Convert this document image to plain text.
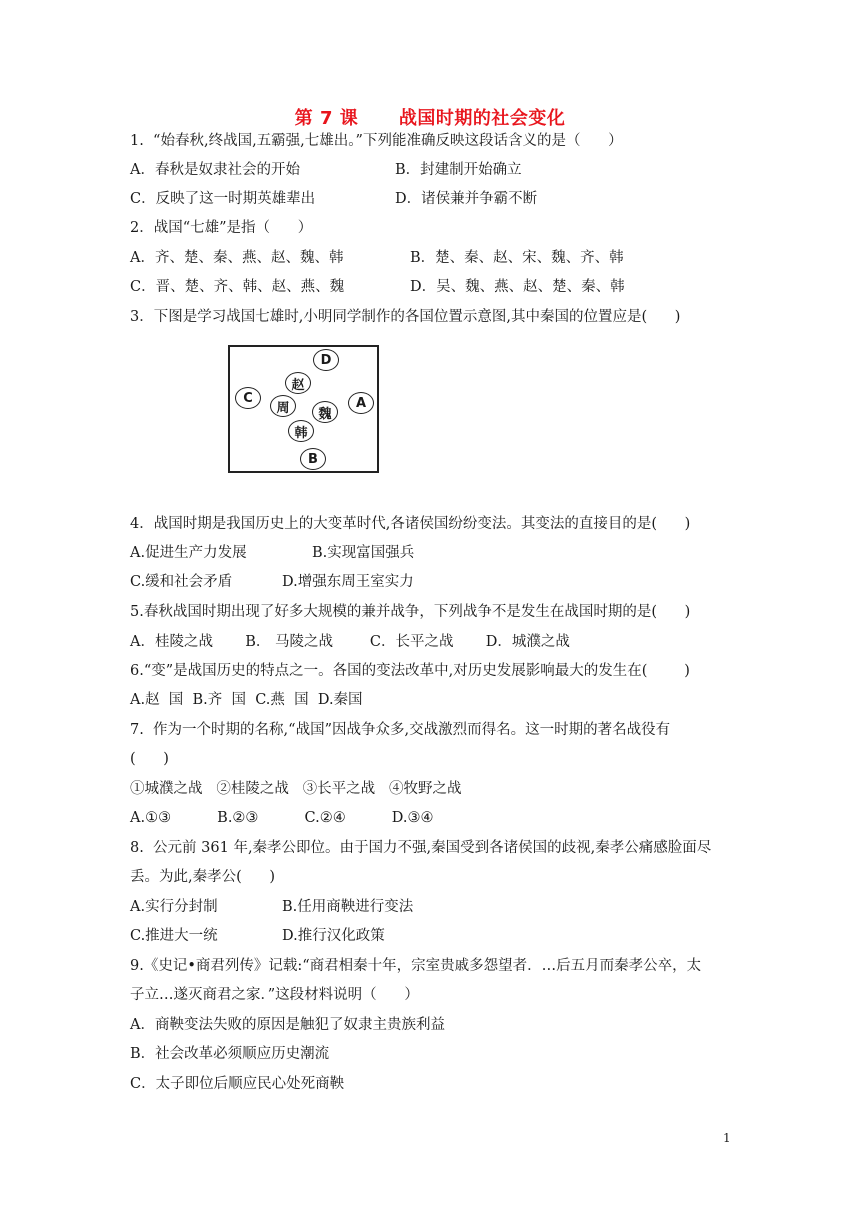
第 7 课      战国时期的社会变化
1.  “始春秋,终战国,五霸强,七雄出。”下列能准确反映这段话含义的是（      ）
A．春秋是奴隶社会的开始	B．封建制开始确立
C．反映了这一时期英雄辈出	D．诸侯兼并争霸不断
2．战国“七雄”是指（      ）
A．齐、楚、秦、燕、赵、魏、韩	B．楚、秦、赵、宋、魏、齐、韩
C．晋、楚、齐、韩、赵、燕、魏	D．吴、魏、燕、赵、楚、秦、韩
3．下图是学习战国七雄时,小明同学制作的各国位置示意图,其中秦国的位置应是(      )
D
赵
C
周	魏
A
韩
B
4．战国时期是我国历史上的大变革时代,各诸侯国纷纷变法。其变法的直接目的是(      )
A.促进生产力发展	B.实现富国强兵
C.缓和社会矛盾	D.增强东周王室实力
5.春秋战国时期出现了好多大规模的兼并战争，下列战争不是发生在战国时期的是(      )
A．桂陵之战       B． 马陵之战        C．长平之战       D．城濮之战
6.“变”是战国历史的特点之一。各国的变法改革中,对历史发展影响最大的发生在(        )
A.赵  国  B.齐  国  C.燕  国  D.秦国
7.  作为一个时期的名称,“战国”因战争众多,交战激烈而得名。这一时期的著名战役有
(      )
①城濮之战   ②桂陵之战   ③长平之战   ④牧野之战
A.①③          B.②③          C.②④          D.③④
8.  公元前 361 年,秦孝公即位。由于国力不强,秦国受到各诸侯国的歧视,秦孝公痛感脸面尽
丢。为此,秦孝公(      )
A.实行分封制	B.任用商鞅进行变法
C.推进大一统	D.推行汉化政策
9.《史记•商君列传》记载:“商君相秦十年，宗室贵戚多怨望者．…后五月而秦孝公卒，太
子立…遂灭商君之家．”这段材料说明（      ）
A．商鞅变法失败的原因是触犯了奴隶主贵族利益
B．社会改革必须顺应历史潮流
C．太子即位后顺应民心处死商鞅
1
